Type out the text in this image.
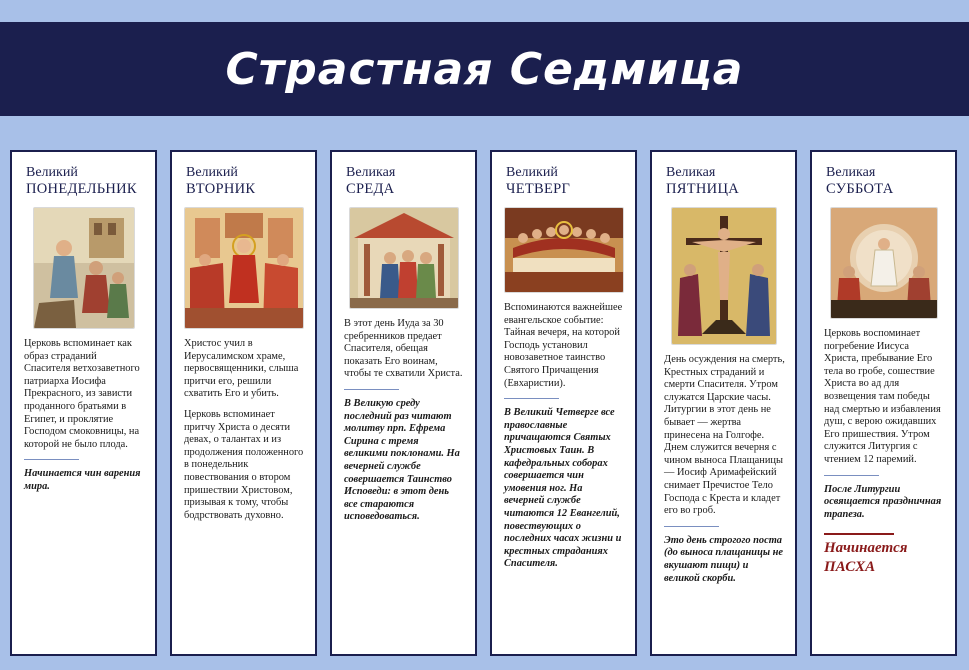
Страстная Седмица
Великий
ПОНЕДЕЛЬНИК

Церковь вспоминает как образ страданий Спасителя ветхозаветного патриарха Иосифа Прекрасного, из зависти проданного братьями в Египет, и проклятие Господом смоковницы, на которой не было плода.

Начинается чин варения мира.
Великий
ВТОРНИК

Христос учил в Иерусалимском храме, первосвященники, слыша притчи его, решили схватить Его и убить.

Церковь вспоминает притчу Христа о десяти девах, о талантах и из продолжения положенного в понедельник повествования о втором пришествии Христовом, призывая к тому, чтобы бодрствовать духовно.

Великая
СРЕДА

В этот день Иуда за 30 сребренников предает Спасителя, обещая показать Его воинам, чтобы те схватили Христа.

В Великую среду последний раз читают молитву прп. Ефрема Сирина с тремя великими поклонами. На вечерней службе совершается Таинство Исповеди: в этот день все стараются исповедоваться.
Великий
ЧЕТВЕРГ

Вспоминаются важнейшее евангельское событие: Тайная вечеря, на которой Господь установил новозаветное таинство Святого Причащения (Евхаристии).

В Великий Четверге все православные причащаются Святых Христовых Таин. В кафедральных соборах совершается чин умовения ног. На вечерней службе читаются 12 Евангелий, повествующих о последних часах жизни и крестных страданиях Спасителя.
Великая
ПЯТНИЦА

День осуждения на смерть, Крестных страданий и смерти Спасителя. Утром служатся Царские часы. Литургии в этот день не бывает — жертва принесена на Голгофе. Днем служится вечерня с чином выноса Плащаницы — Иосиф Аримафейский снимает Пречистое Тело Господа с Креста и кладет его во гроб.

Это день строгого поста (до выноса плащаницы не вкушают пищи) и великой скорби.
Великая
СУББОТА

Церковь воспоминает погребение Иисуса Христа, пребывание Его тела во гробе, сошествие Христа во ад для возвещения там победы над смертью и избавления душ, с верою ожидавших Его пришествия. Утром служится Литургия с чтением 12 паремий.

После Литургии освящается праздничная трапеза.
Начинается
ПАСХА
